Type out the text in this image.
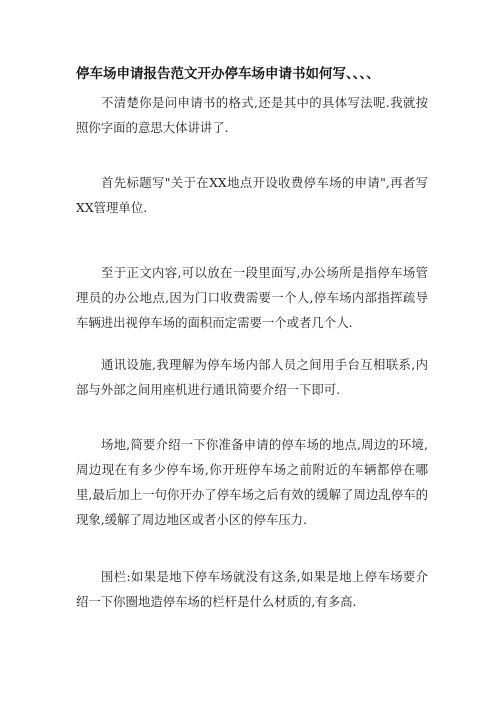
停车场申请报告范文开办停车场申请书如何写、、、、

不清楚你是问申请书的格式,还是其中的具体写法呢.我就按照你字面的意思大体讲讲了.

首先标题写"关于在XX地点开设收费停车场的申请",再者写XX管理单位.

至于正文内容,可以放在一段里面写,办公场所是指停车场管理员的办公地点,因为门口收费需要一个人,停车场内部指挥疏导车辆进出视停车场的面积而定需要一个或者几个人.

通讯设施,我理解为停车场内部人员之间用手台互相联系,内部与外部之间用座机进行通讯简要介绍一下即可.

场地,简要介绍一下你准备申请的停车场的地点,周边的环境,周边现在有多少停车场,你开班停车场之前附近的车辆都停在哪里,最后加上一句你开办了停车场之后有效的缓解了周边乱停车的现象,缓解了周边地区或者小区的停车压力.

围栏:如果是地下停车场就没有这条,如果是地上停车场要介绍一下你圈地造停车场的栏杆是什么材质的,有多高.
